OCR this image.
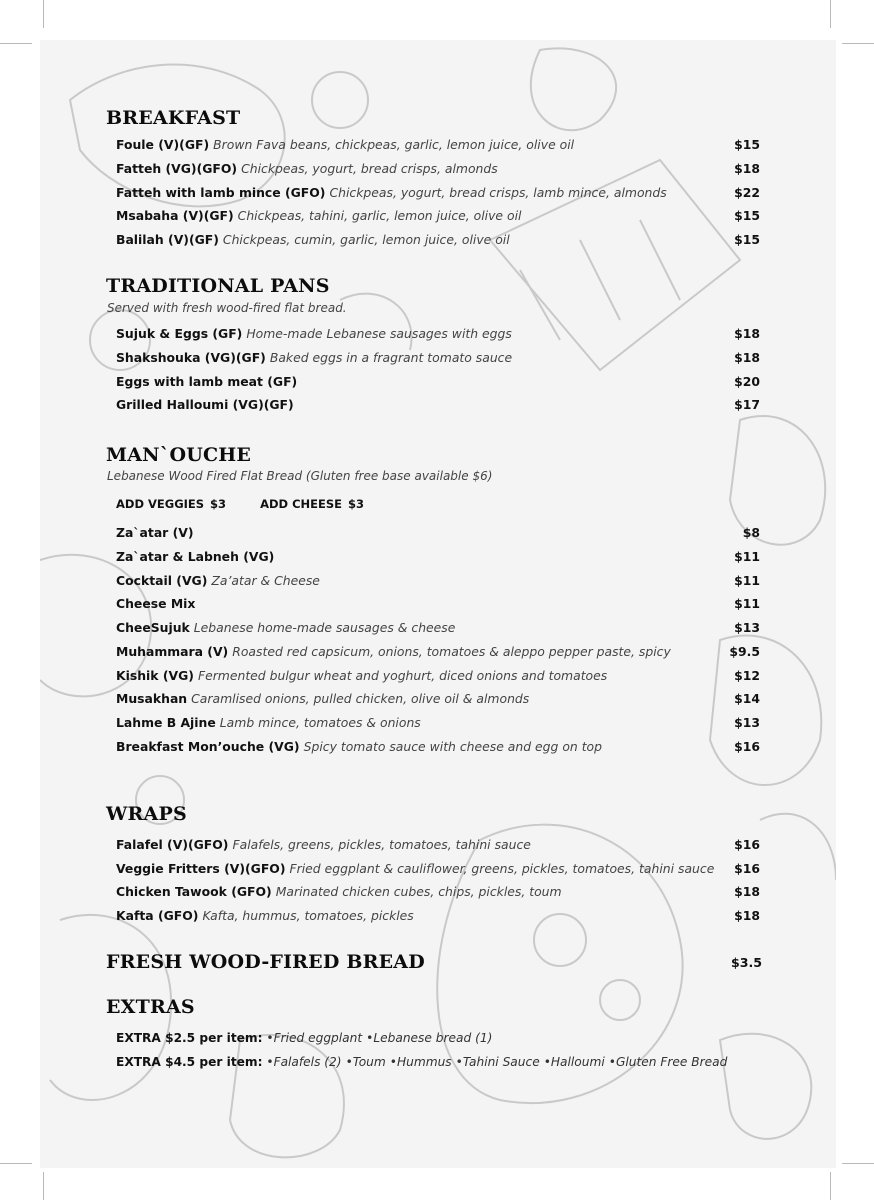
BREAKFAST
Foule (V)(GF) Brown Fava beans, chickpeas, garlic, lemon juice, olive oil	$15
Fatteh (VG)(GFO) Chickpeas, yogurt, bread crisps, almonds	$18
Fatteh with lamb mince (GFO) Chickpeas, yogurt, bread crisps, lamb mince, almonds	$22
Msabaha (V)(GF) Chickpeas, tahini, garlic, lemon juice, olive oil	$15
Balilah (V)(GF) Chickpeas, cumin, garlic, lemon juice, olive oil	$15
TRADITIONAL PANS
Served with fresh wood-fired flat bread.
Sujuk & Eggs (GF) Home-made Lebanese sausages with eggs	$18
Shakshouka (VG)(GF) Baked eggs in a fragrant tomato sauce	$18
Eggs with lamb meat (GF)	$20
Grilled Halloumi (VG)(GF)	$17
MAN`OUCHE
Lebanese Wood Fired Flat Bread (Gluten free base available $6)
ADD VEGGIES $3	ADD CHEESE $3
Za`atar (V)	$8
Za`atar & Labneh (VG)	$11
Cocktail (VG) Za’atar & Cheese	$11
Cheese Mix	$11
CheeSujuk Lebanese home-made sausages & cheese	$13
Muhammara (V) Roasted red capsicum, onions, tomatoes & aleppo pepper paste, spicy	$9.5
Kishik (VG) Fermented bulgur wheat and yoghurt, diced onions and tomatoes	$12
Musakhan Caramlised onions, pulled chicken, olive oil & almonds	$14
Lahme B Ajine Lamb mince, tomatoes & onions	$13
Breakfast Mon’ouche (VG) Spicy tomato sauce with cheese and egg on top	$16
WRAPS
Falafel (V)(GFO) Falafels, greens, pickles, tomatoes, tahini sauce	$16
Veggie Fritters (V)(GFO) Fried eggplant & cauliflower, greens, pickles, tomatoes, tahini sauce $16
Chicken Tawook (GFO) Marinated chicken cubes, chips, pickles, toum	$18
Kafta (GFO) Kafta, hummus, tomatoes, pickles	$18
FRESH WOOD-FIRED BREAD	$3.5
EXTRAS
EXTRA $2.5 per item: •Fried eggplant •Lebanese bread (1)
EXTRA $4.5 per item: •Falafels (2) •Toum •Hummus •Tahini Sauce •Halloumi •Gluten Free Bread
